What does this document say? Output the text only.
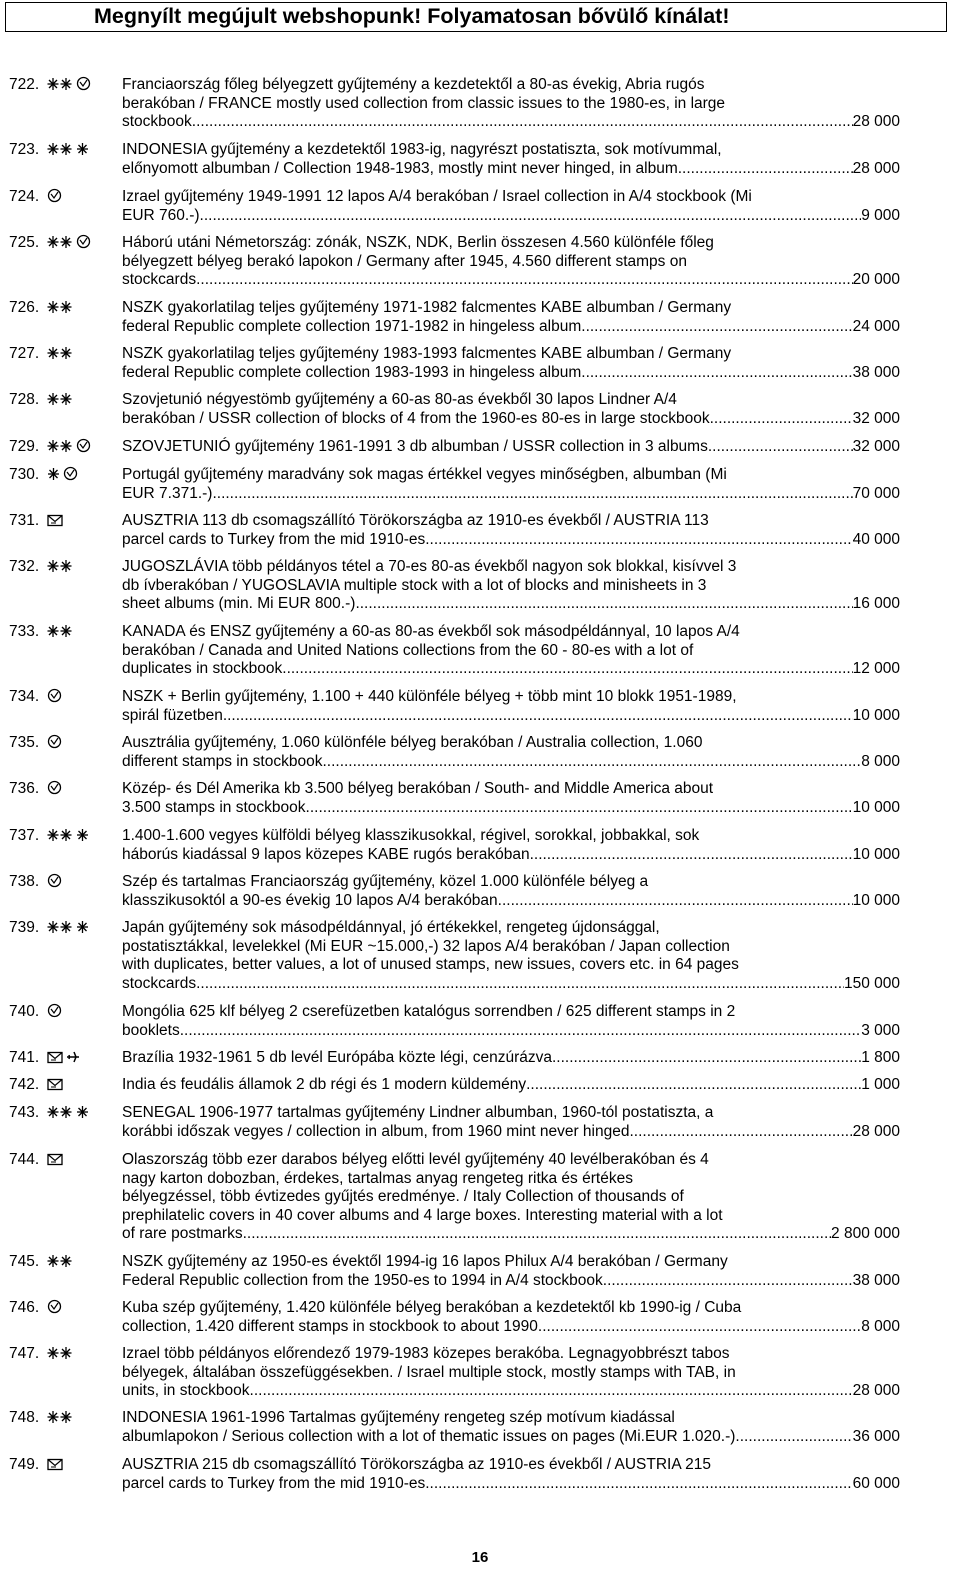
Megnyílt megújult webshopunk! Folyamatosan bővülő kínálat!
722.	Franciaország főleg bélyegzett gyűjtemény a kezdetektől a 80-as évekig, Abria rugós
berakóban / FRANCE mostly used collection from classic issues to the 1980-es, in large
stockbook .....	28 000
723.	INDONESIA gyűjtemény a kezdetektől 1983-ig, nagyrészt postatiszta, sok motívummal,
előnyomott albumban / Collection 1948-1983, mostly mint never hinged, in album .....	28 000
724.	Izrael gyűjtemény 1949-1991 12 lapos A/4 berakóban / Israel collection in A/4 stockbook (Mi
EUR 760.-) .....	9 000
725.	Háború utáni Németország: zónák, NSZK, NDK, Berlin összesen 4.560 különféle főleg
bélyegzett bélyeg berakó lapokon / Germany after 1945, 4.560 different stamps on
stockcards .....	20 000
726.	NSZK gyakorlatilag teljes gyűjtemény 1971-1982 falcmentes KABE albumban / Germany
federal Republic complete collection 1971-1982 in hingeless album .....	24 000
727.	NSZK gyakorlatilag teljes gyűjtemény 1983-1993 falcmentes KABE albumban / Germany
federal Republic complete collection 1983-1993 in hingeless album .....	38 000
728.	Szovjetunió négyestömb gyűjtemény a 60-as 80-as évekből 30 lapos Lindner A/4
berakóban / USSR collection of blocks of 4 from the 1960-es 80-es in large stockbook .....	32 000
729.	SZOVJETUNIÓ gyűjtemény 1961-1991 3 db albumban / USSR collection in 3 albums .....	32 000
730.	Portugál gyűjtemény maradvány sok magas értékkel vegyes minőségben, albumban (Mi
EUR 7.371.-) .....	70 000
731.	AUSZTRIA 113 db csomagszállító Törökországba az 1910-es évekből / AUSTRIA 113
parcel cards to Turkey from the mid 1910-es .....	40 000
732.	JUGOSZLÁVIA több példányos tétel a 70-es 80-as évekből nagyon sok blokkal, kisívvel 3
db ívberakóban / YUGOSLAVIA multiple stock with a lot of blocks and minisheets in 3
sheet albums (min. Mi EUR 800.-) .....	16 000
733.	KANADA és ENSZ gyűjtemény a 60-as 80-as évekből sok másodpéldánnyal, 10 lapos A/4
berakóban / Canada and United Nations collections from the 60 - 80-es with a lot of
duplicates in stockbook .....	12 000
734.	NSZK + Berlin gyűjtemény, 1.100 + 440 különféle bélyeg + több mint 10 blokk 1951-1989,
spirál füzetben .....	10 000
735.	Ausztrália gyűjtemény, 1.060 különféle bélyeg berakóban / Australia collection, 1.060
different stamps in stockbook .....	8 000
736.	Közép- és Dél Amerika kb 3.500 bélyeg berakóban / South- and Middle America about
3.500 stamps in stockbook .....	10 000
737.	1.400-1.600 vegyes külföldi bélyeg klasszikusokkal, régivel, sorokkal, jobbakkal, sok
háborús kiadással 9 lapos közepes KABE rugós berakóban .....	10 000
738.	Szép és tartalmas Franciaország gyűjtemény, közel 1.000 különféle bélyeg a
klasszikusoktól a 90-es évekig 10 lapos A/4 berakóban .....	10 000
739.	Japán gyűjtemény sok másodpéldánnyal, jó értékekkel, rengeteg újdonsággal,
postatisztákkal, levelekkel (Mi EUR ~15.000,-) 32 lapos A/4 berakóban / Japan collection
with duplicates, better values, a lot of unused stamps, new issues, covers etc. in 64 pages
stockcards .....	150 000
740.	Mongólia 625 klf bélyeg 2 cserefüzetben katalógus sorrendben / 625 different stamps in 2
booklets .....	3 000
741.	Brazília 1932-1961 5 db levél Európába közte légi, cenzúrázva .....	1 800
742.	India és feudális államok 2 db régi és 1 modern küldemény .....	1 000
743.	SENEGAL 1906-1977 tartalmas gyűjtemény Lindner albumban, 1960-tól postatiszta, a
korábbi időszak vegyes / collection in album, from 1960 mint never hinged .....	28 000
744.	Olaszország több ezer darabos bélyeg előtti levél gyűjtemény 40 levélberakóban és 4
nagy karton dobozban, érdekes, tartalmas anyag rengeteg ritka és értékes
bélyegzéssel, több évtizedes gyűjtés eredménye. / Italy Collection of thousands of
prephilatelic covers in 40 cover albums and 4 large boxes. Interesting material with a lot
of rare postmarks. .....	2 800 000
745.	NSZK gyűjtemény az 1950-es évektől 1994-ig 16 lapos Philux A/4 berakóban / Germany
Federal Republic collection from the 1950-es to 1994 in A/4 stockbook .....	38 000
746.	Kuba szép gyűjtemény, 1.420 különféle bélyeg berakóban a kezdetektől kb 1990-ig / Cuba
collection, 1.420 different stamps in stockbook to about 1990 .....	8 000
747.	Izrael több példányos előrendező 1979-1983 közepes berakóba. Legnagyobbrészt tabos
bélyegek, általában összefüggésekben. / Israel multiple stock, mostly stamps with TAB, in
units, in stockbook. .....	28 000
748.	INDONESIA 1961-1996 Tartalmas gyűjtemény rengeteg szép motívum kiadással
albumlapokon / Serious collection with a lot of thematic issues on pages (Mi.EUR 1.020.-) .....	36 000
749.	AUSZTRIA 215 db csomagszállító Törökországba az 1910-es évekből / AUSTRIA 215
parcel cards to Turkey from the mid 1910-es .....	60 000
16
